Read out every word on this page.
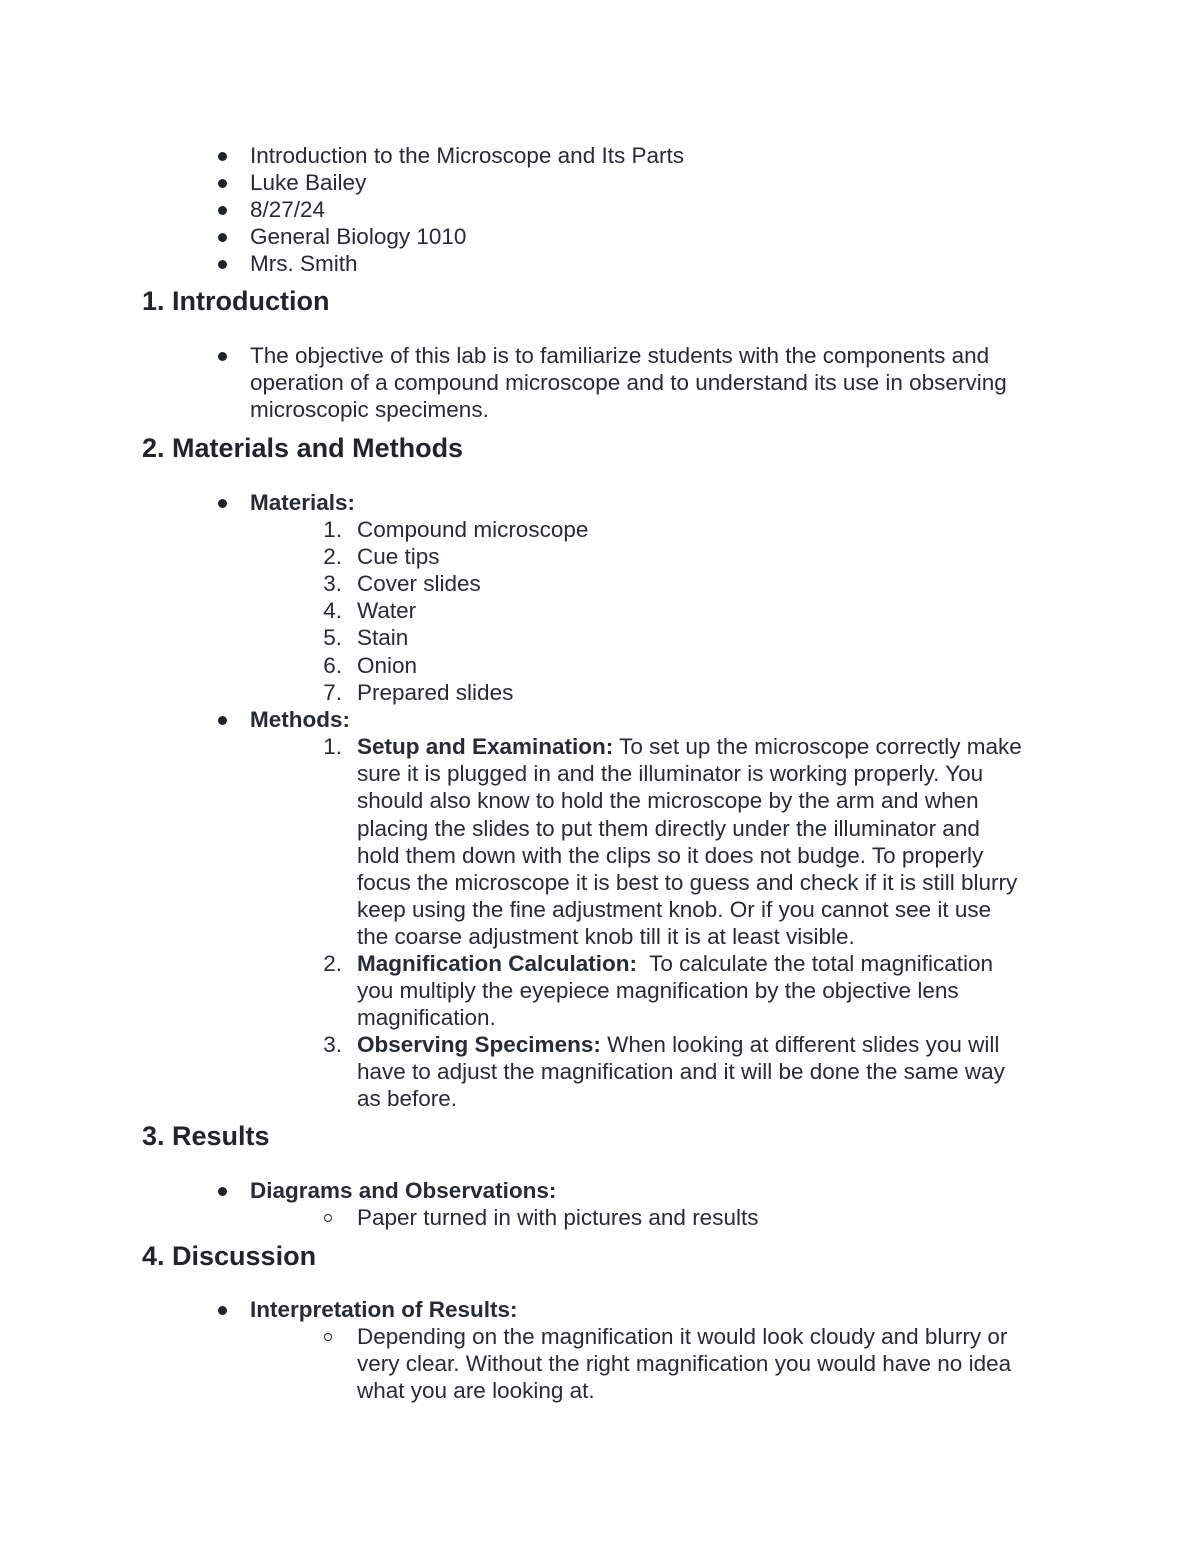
Introduction to the Microscope and Its Parts
Luke Bailey
8/27/24
General Biology 1010
Mrs. Smith
1. Introduction
The objective of this lab is to familiarize students with the components and
operation of a compound microscope and to understand its use in observing
microscopic specimens.
2. Materials and Methods
Materials:
1. Compound microscope
2. Cue tips
3. Cover slides
4. Water
5. Stain
6. Onion
7. Prepared slides
Methods:
1. Setup and Examination: To set up the microscope correctly make
sure it is plugged in and the illuminator is working properly. You
should also know to hold the microscope by the arm and when
placing the slides to put them directly under the illuminator and
hold them down with the clips so it does not budge. To properly
focus the microscope it is best to guess and check if it is still blurry
keep using the fine adjustment knob. Or if you cannot see it use
the coarse adjustment knob till it is at least visible.
2. Magnification Calculation:  To calculate the total magnification
you multiply the eyepiece magnification by the objective lens
magnification.
3. Observing Specimens: When looking at different slides you will
have to adjust the magnification and it will be done the same way
as before.
3. Results
Diagrams and Observations:
Paper turned in with pictures and results
4. Discussion
Interpretation of Results:
Depending on the magnification it would look cloudy and blurry or
very clear. Without the right magnification you would have no idea
what you are looking at.
